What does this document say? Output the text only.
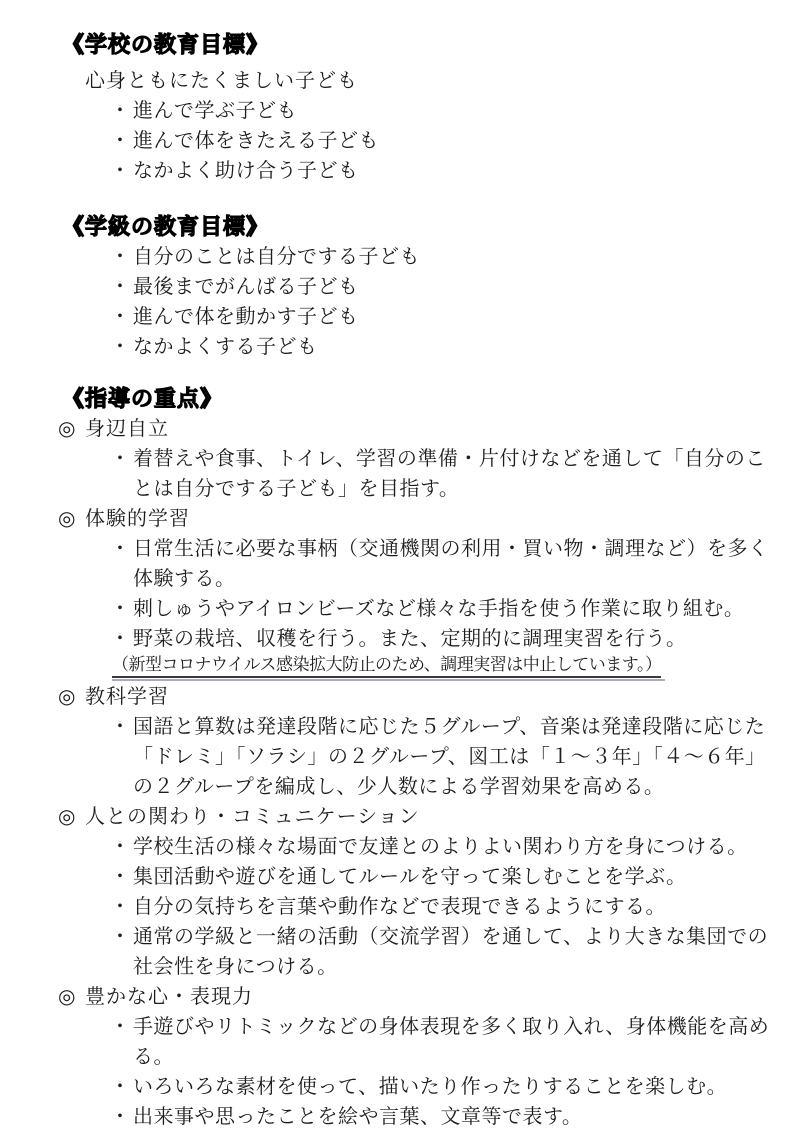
《学校の教育目標》

心身ともにたくましい子ども

・ 進んで学ぶ子ども
・ 進んで体をきたえる子ども
・ なかよく助け合う子ども
《学級の教育目標》
・ 自分のことは自分でする子ども
・ 最後までがんばる子ども
・ 進んで体を動かす子ども
・ なかよくする子ども
《指導の重点》
◎ 身辺自立
・ 着替えや食事、トイレ、学習の準備・片付けなどを通して「自分のことは自分でする子ども」を目指す。
◎ 体験的学習
・ 日常生活に必要な事柄（交通機関の利用・買い物・調理など）を多く体験する。
・ 刺しゅうやアイロンビーズなど様々な手指を使う作業に取り組む。
・ 野菜の栽培、収穫を行う。また、定期的に調理実習を行う。

（新型コロナウイルス感染拡大防止のため、調理実習は中止しています。）

◎ 教科学習
・ 国語と算数は発達段階に応じた５グループ、音楽は発達段階に応じた「ドレミ」「ソラシ」の２グループ、図工は「１～３年」「４～６年」の２グループを編成し、少人数による学習効果を高める。
◎ 人との関わり・コミュニケーション
・ 学校生活の様々な場面で友達とのよりよい関わり方を身につける。
・ 集団活動や遊びを通してルールを守って楽しむことを学ぶ。
・ 自分の気持ちを言葉や動作などで表現できるようにする。
・ 通常の学級と一緒の活動（交流学習）を通して、より大きな集団での社会性を身につける。
◎ 豊かな心・表現力
・ 手遊びやリトミックなどの身体表現を多く取り入れ、身体機能を高める。
・ いろいろな素材を使って、描いたり作ったりすることを楽しむ。
・ 出来事や思ったことを絵や言葉、文章等で表す。
